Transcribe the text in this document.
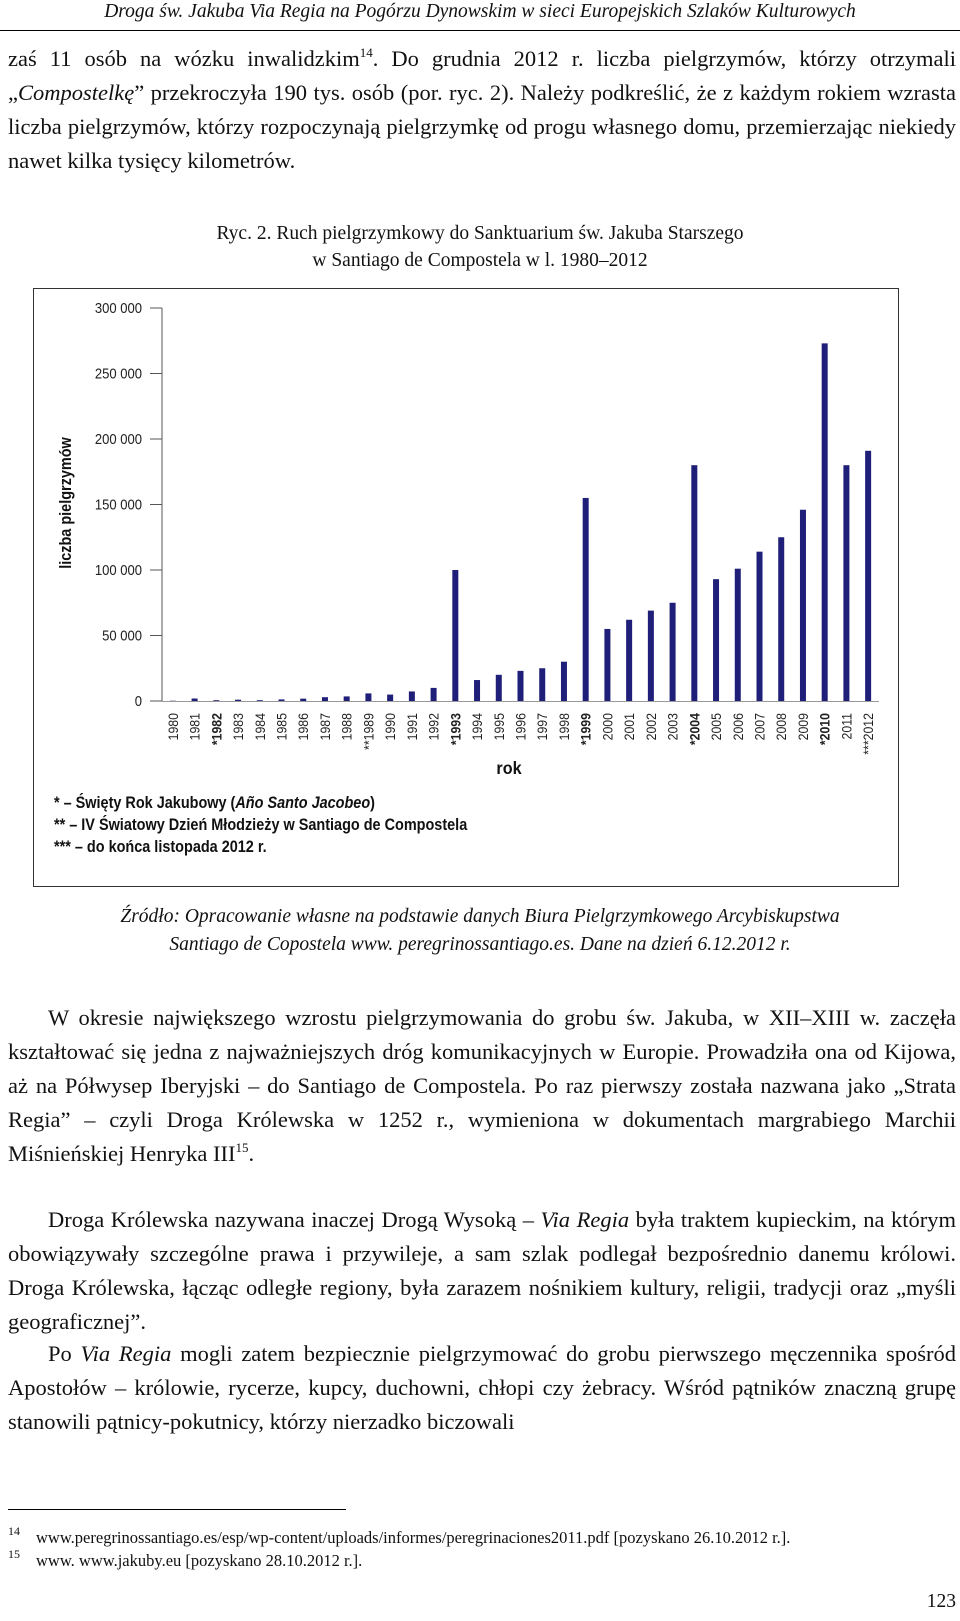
Droga św. Jakuba Via Regia na Pogórzu Dynowskim w sieci Europejskich Szlaków Kulturowych

zaś 11 osób na wózku inwalidzkim$^{14}$. Do grudnia 2012 r. liczba pielgrzymów, którzy otrzymali „Compostelkę” przekroczyła 190 tys. osób (por. ryc. 2). Należy podkreślić, że z każdym rokiem wzrasta liczba pielgrzymów, którzy rozpoczynają pielgrzymkę od progu własnego domu, przemierzając niekiedy nawet kilka tysięcy kilometrów.

Ryc. 2. Ruch pielgrzymkowy do Sanktuarium św. Jakuba Starszego
w Santiago de Compostela w l. 1980–2012
0
50 000
100 000
150 000
200 000
250 000
300 000
liczba pielgrzymów
1980 1981 *1982 1983 1984 1985 1986 1987 1988 **1989 1990 1991 1992 *1993 1994 1995 1996 1997 1998 *1999 2000 2001 2002 2003 *2004 2005 2006 2007 2008 2009 *2010 2011 ***2012
rok
* – Święty Rok Jakubowy (Año Santo Jacobeo)
** – IV Światowy Dzień Młodzieży w Santiago de Compostela
*** – do końca listopada 2012 r.
Źródło: Opracowanie własne na podstawie danych Biura Pielgrzymkowego Arcybiskupstwa
Santiago de Copostela www. peregrinossantiago.es. Dane na dzień 6.12.2012 r.

W okresie największego wzrostu pielgrzymowania do grobu św. Jakuba, w XII–XIII w. zaczęła kształtować się jedna z najważniejszych dróg komunikacyjnych w Europie. Prowadziła ona od Kijowa, aż na Półwysep Iberyjski – do Santiago de Compostela. Po raz pierwszy została nazwana jako „Strata Regia” – czyli Droga Królewska w 1252 r., wymieniona w dokumentach margrabiego Marchii Miśnieńskiej Henryka III$^{15}$.

Droga Królewska nazywana inaczej Drogą Wysoką – Via Regia była traktem kupieckim, na którym obowiązywały szczególne prawa i przywileje, a sam szlak podlegał bezpośrednio danemu królowi. Droga Królewska, łącząc odległe regiony, była zarazem nośnikiem kultury, religii, tradycji oraz „myśli geograficznej”.

Po Via Regia mogli zatem bezpiecznie pielgrzymować do grobu pierwszego męczennika spośród Apostołów – królowie, rycerze, kupcy, duchowni, chłopi czy żebracy. Wśród pątników znaczną grupę stanowili pątnicy-pokutnicy, którzy nierzadko biczowali

14 www.peregrinossantiago.es/esp/wp-content/uploads/informes/peregrinaciones2011.pdf [pozyskano 26.10.2012 r.].
15 www. www.jakuby.eu [pozyskano 28.10.2012 r.].
123
